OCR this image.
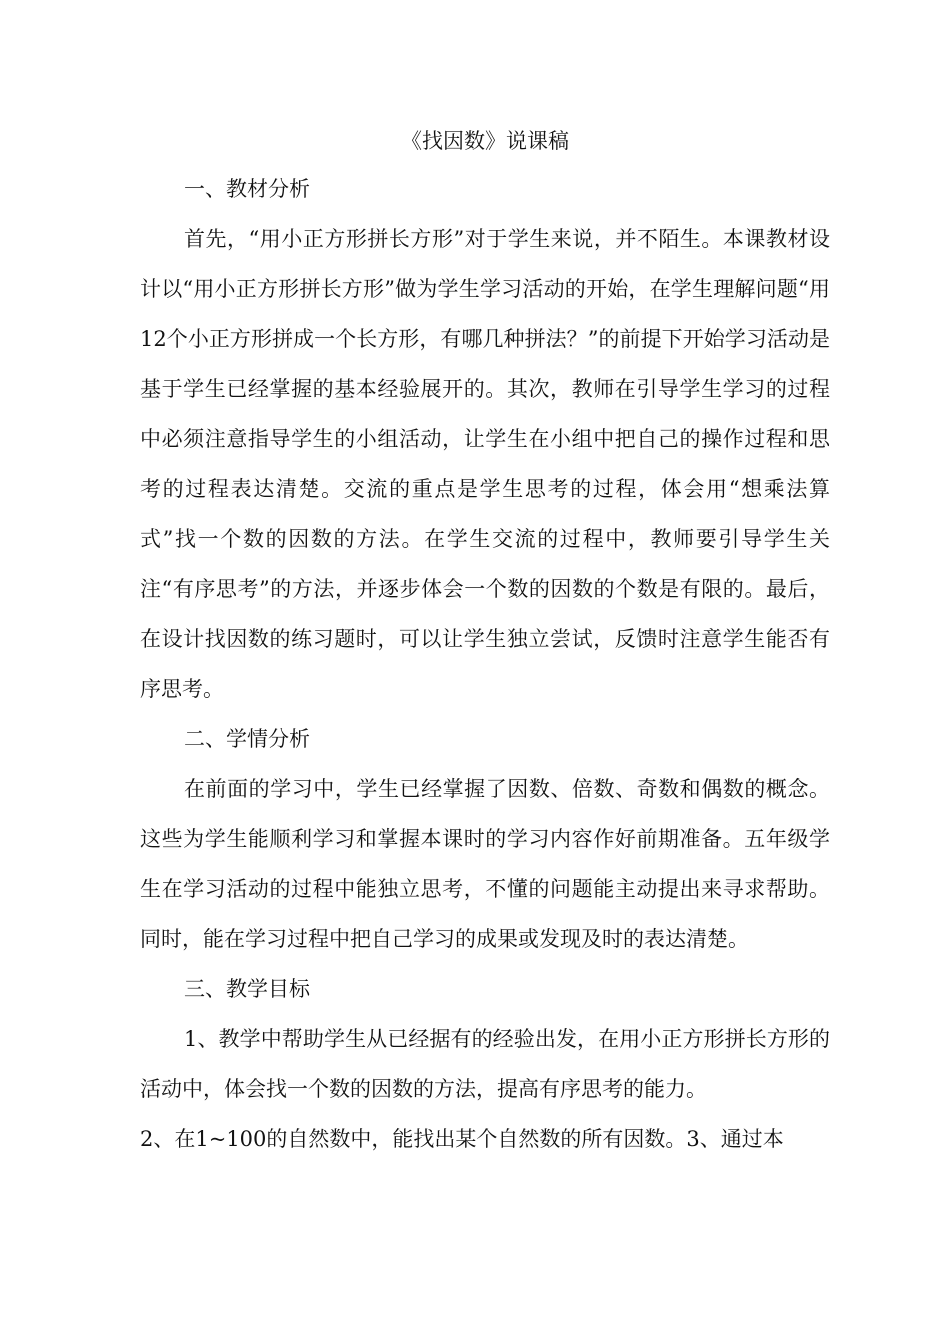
《找因数》说课稿

一、教材分析

首先，“用小正方形拼长方形”对于学生来说，并不陌生。本课教材设计以“用小正方形拼长方形”做为学生学习活动的开始，在学生理解问题“用12个小正方形拼成一个长方形，有哪几种拼法？”的前提下开始学习活动是基于学生已经掌握的基本经验展开的。其次，教师在引导学生学习的过程中必须注意指导学生的小组活动，让学生在小组中把自己的操作过程和思考的过程表达清楚。交流的重点是学生思考的过程，体会用“想乘法算式”找一个数的因数的方法。在学生交流的过程中，教师要引导学生关注“有序思考”的方法，并逐步体会一个数的因数的个数是有限的。最后，在设计找因数的练习题时，可以让学生独立尝试，反馈时注意学生能否有序思考。

二、学情分析

在前面的学习中，学生已经掌握了因数、倍数、奇数和偶数的概念。这些为学生能顺利学习和掌握本课时的学习内容作好前期准备。五年级学生在学习活动的过程中能独立思考，不懂的问题能主动提出来寻求帮助。同时，能在学习过程中把自己学习的成果或发现及时的表达清楚。

三、教学目标

1、教学中帮助学生从已经据有的经验出发，在用小正方形拼长方形的活动中，体会找一个数的因数的方法，提高有序思考的能力。

2、在1~100的自然数中，能找出某个自然数的所有因数。3、通过本
